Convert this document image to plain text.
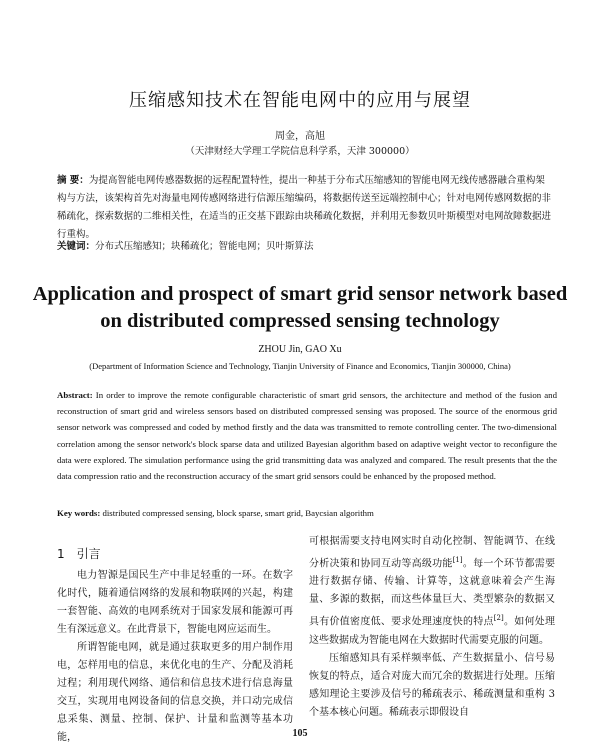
压缩感知技术在智能电网中的应用与展望
周金，高旭
（天津财经大学理工学院信息科学系，天津 300000）
摘 要：为提高智能电网传感器数据的远程配置特性，提出一种基于分布式压缩感知的智能电网无线传感器融合重构架构与方法，该架构首先对海量电网传感网络进行信源压缩编码，将数据传送至远端控制中心；针对电网传感网数据的非稀疏化，探索数据的二维相关性，在适当的正交基下跟踪由块稀疏化数据，并利用无参数贝叶斯模型对电网故障数据进行重构。
关键词：分布式压缩感知；块稀疏化；智能电网；贝叶斯算法
Application and prospect of smart grid sensor network based
on distributed compressed sensing technology
ZHOU Jin, GAO Xu
(Department of Information Science and Technology, Tianjin University of Finance and Economics, Tianjin 300000, China)
Abstract: In order to improve the remote configurable characteristic of smart grid sensors, the architecture and method of the fusion and reconstruction of smart grid and wireless sensors based on distributed compressed sensing was proposed. The source of the enormous grid sensor network was compressed and coded by method firstly and the data was transmitted to remote controlling center. The two-dimensional correlation among the sensor network's block sparse data and utilized Bayesian algorithm based on adaptive weight vector to reconfigure the data were explored. The simulation performance using the grid transmitting data was analyzed and compared. The result presents that the the data compression ratio and the reconstruction accuracy of the smart grid sensors could be enhanced by the proposed method.
Key words: distributed compressed sensing, block sparse, smart grid, Baycsian algorithm
1 引言

电力智源是国民生产中非足轻重的一环。在数字化时代，随着通信网络的发展和物联网的兴起，构建一套智能、高效的电网系统对于国家发展和能源可再生有深远意义。在此背景下，智能电网应运而生。

所谓智能电网，就是通过获取更多的用户制作用电，怎样用电的信息，来优化电的生产、分配及消耗过程；利用现代网络、通信和信息技术进行信息海量交互，实现用电网设备间的信息交换，并口动完成信息采集、测量、控制、保护、计量和监测等基本功能，

可根据需要支持电网实时自动化控制、智能调节、在线分析决策和协同互动等高级功能[1]。每一个环节都需要进行数据存储、传输、计算等，这就意味着会产生海量、多源的数据，而这些体量巨大、类型繁杂的数据又具有价值密度低、要求处理速度快的特点[2]。如何处理这些数据成为智能电网在大数据时代需要克服的问题。

压缩感知具有采样频率低、产生数据量小、信号易恢复的特点，适合对庞大而冗余的数据进行处理。压缩感知理论主要涉及信号的稀疏表示、稀疏测量和重构 3 个基本核心问题。稀疏表示即假设自

105
